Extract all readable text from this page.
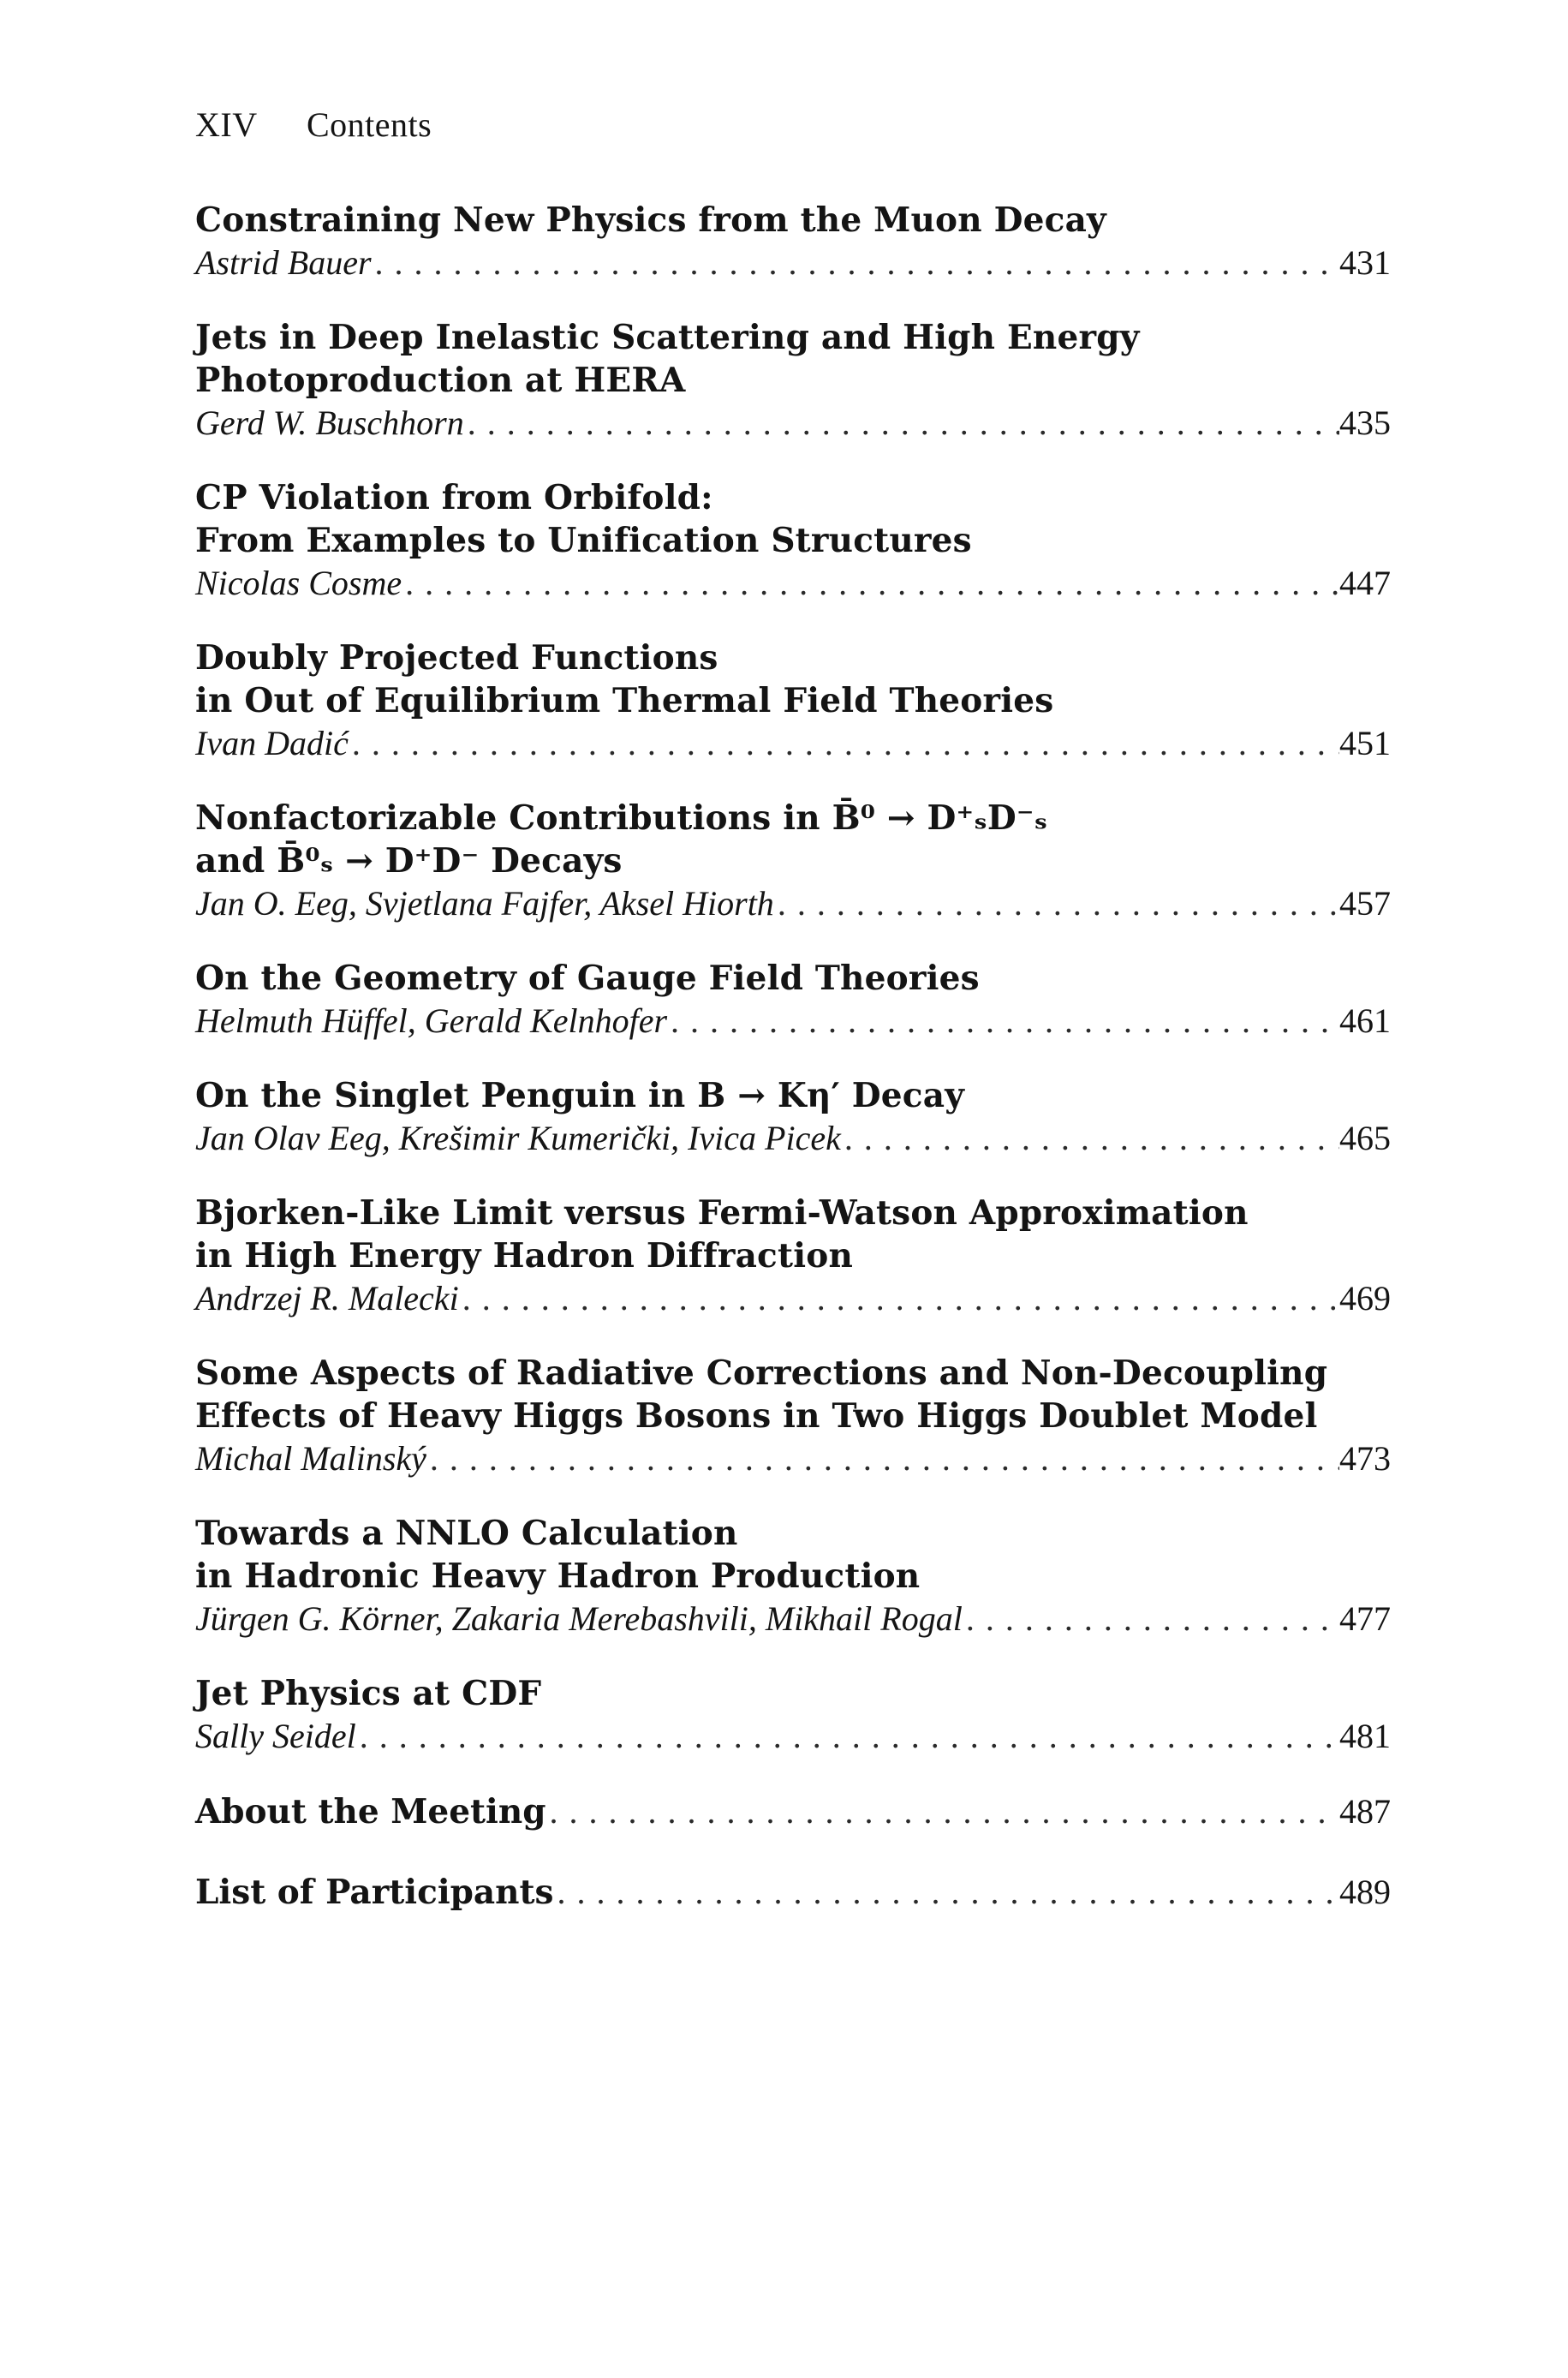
XIV Contents
Constraining New Physics from the Muon Decay
Astrid Bauer . . .	431
Jets in Deep Inelastic Scattering and High Energy
Photoproduction at HERA
Gerd W. Buschhorn . . .	435
CP Violation from Orbifold:
From Examples to Unification Structures
Nicolas Cosme . . .	447
Doubly Projected Functions
in Out of Equilibrium Thermal Field Theories
Ivan Dadić . . .	451
Nonfactorizable Contributions in B̄⁰ → D⁺ₛD⁻ₛ
and B̄⁰ₛ → D⁺D⁻ Decays
Jan O. Eeg, Svjetlana Fajfer, Aksel Hiorth . . .	457
On the Geometry of Gauge Field Theories
Helmuth Hüffel, Gerald Kelnhofer . . .	461
On the Singlet Penguin in B → Kη′ Decay
Jan Olav Eeg, Krešimir Kumerički, Ivica Picek . . .	465
Bjorken-Like Limit versus Fermi-Watson Approximation
in High Energy Hadron Diffraction
Andrzej R. Malecki . . .	469
Some Aspects of Radiative Corrections and Non-Decoupling
Effects of Heavy Higgs Bosons in Two Higgs Doublet Model
Michal Malinský . . .	473
Towards a NNLO Calculation
in Hadronic Heavy Hadron Production
Jürgen G. Körner, Zakaria Merebashvili, Mikhail Rogal . . .	477
Jet Physics at CDF
Sally Seidel . . .	481
About the Meeting . . .	487
List of Participants . . .	489
